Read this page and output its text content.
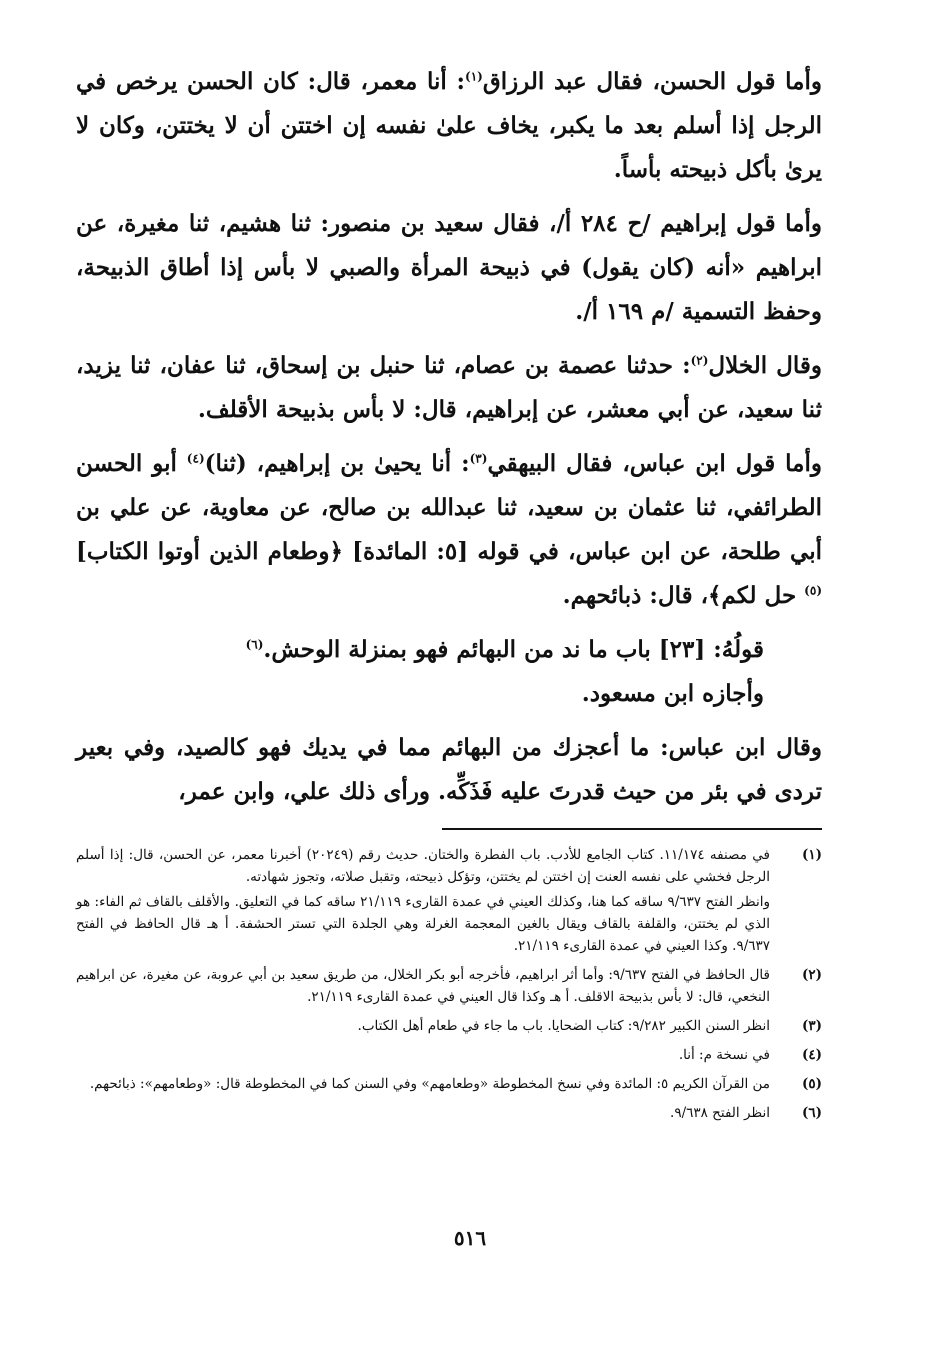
وأما قول الحسن، فقال عبد الرزاق$^{(١)}$: أنا معمر، قال: كان الحسن يرخص في الرجل إذا أسلم بعد ما يكبر، يخاف علىٰ نفسه إن اختتن أن لا يختتن، وكان لا يرىٰ بأكل ذبيحته بأساً.

وأما قول إبراهيم /ح ٢٨٤ أ/، فقال سعيد بن منصور: ثنا هشيم، ثنا مغيرة، عن ابراهيم «أنه (كان يقول) في ذبيحة المرأة والصبي لا بأس إذا أطاق الذبيحة، وحفظ التسمية /م ١٦٩ أ/.

وقال الخلال$^{(٢)}$: حدثنا عصمة بن عصام، ثنا حنبل بن إسحاق، ثنا عفان، ثنا يزيد، ثنا سعيد، عن أبي معشر، عن إبراهيم، قال: لا بأس بذبيحة الأقلف.

وأما قول ابن عباس، فقال البيهقي$^{(٣)}$: أنا يحيىٰ بن إبراهيم، (ثنا)$^{(٤)}$ أبو الحسن الطرائفي، ثنا عثمان بن سعيد، ثنا عبدالله بن صالح، عن معاوية، عن علي بن أبي طلحة، عن ابن عباس، في قوله [٥: المائدة] ﴿وطعام الذين أوتوا الكتاب]$^{(٥)}$ حل لكم﴾، قال: ذبائحهم.

قولُهُ: [٢٣] باب ما ند من البهائم فهو بمنزلة الوحش.$^{(٦)}$

وأجازه ابن مسعود.

وقال ابن عباس: ما أعجزك من البهائم مما في يديك فهو كالصيد، وفي بعير تردى في بئر من حيث قدرتَ عليه فَذَكِّه. ورأى ذلك علي، وابن عمر،

(١)

في مصنفه ١١/١٧٤. كتاب الجامع للأدب. باب الفطرة والختان. حديث رقم (٢٠٢٤٩) أخبرنا معمر، عن الحسن، قال: إذا أسلم الرجل فخشي على نفسه العنت إن اختتن لم يختتن، وتؤكل ذبيحته، وتقبل صلاته، وتجوز شهادته.

وانظر الفتح ٩/٦٣٧ ساقه كما هنا، وكذلك العيني في عمدة القارىء ٢١/١١٩ ساقه كما في التعليق. والأقلف بالقاف ثم الفاء: هو الذي لم يختتن، والقلفة بالقاف ويقال بالغين المعجمة الغرلة وهي الجلدة التي تستر الحشفة. أ هـ قال الحافظ في الفتح ٩/٦٣٧. وكذا العيني في عمدة القارىء ٢١/١١٩.

(٢)

قال الحافظ في الفتح ٩/٦٣٧: وأما أثر ابراهيم، فأخرجه أبو بكر الخلال، من طريق سعيد بن أبي عروبة، عن مغيرة، عن ابراهيم النخعي، قال: لا بأس بذبيحة الاقلف. أ هـ وكذا قال العيني في عمدة القارىء ٢١/١١٩.

(٣)

انظر السنن الكبير ٩/٢٨٢: كتاب الضحايا. باب ما جاء في طعام أهل الكتاب.

(٤)

في نسخة م: أنا.

(٥)

من القرآن الكريم ٥: المائدة وفي نسخ المخطوطة «وطعامهم» وفي السنن كما في المخطوطة قال: «وطعامهم»: ذبائحهم.

(٦)

انظر الفتح ٩/٦٣٨.

٥١٦
